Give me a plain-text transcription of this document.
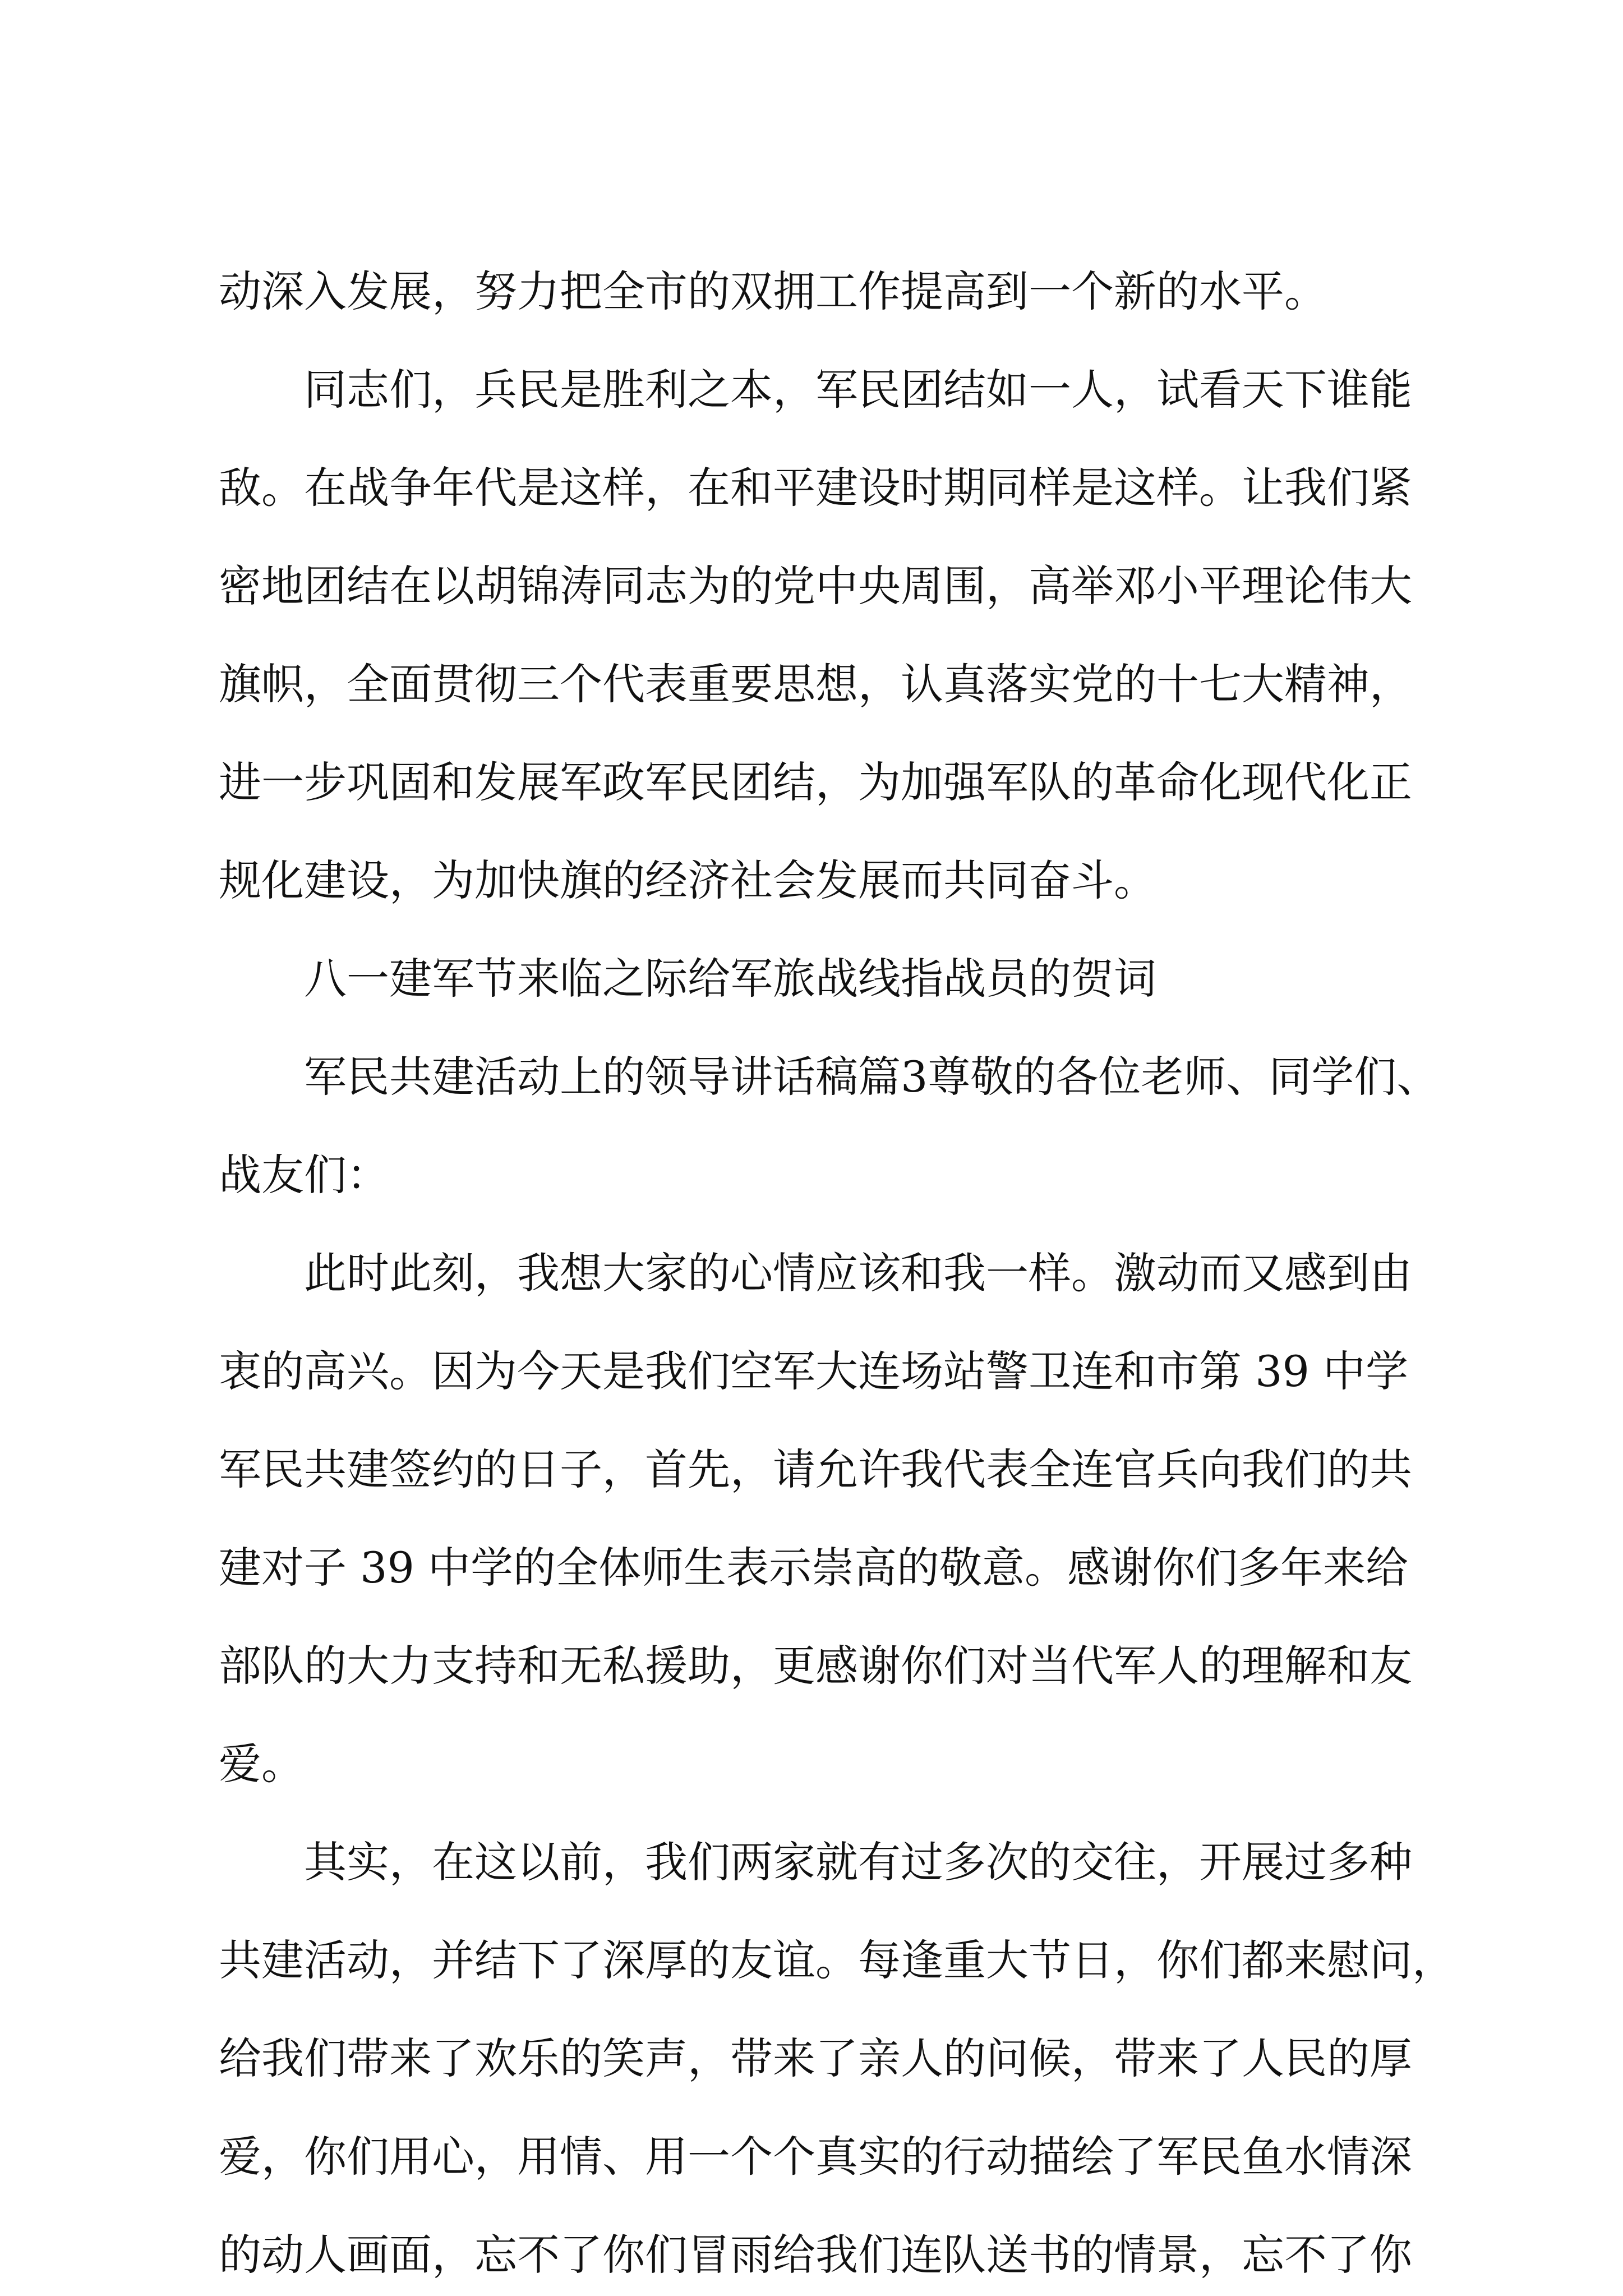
动深入发展，努力把全市的双拥工作提高到一个新的水平。
同志们，兵民是胜利之本，军民团结如一人，试看天下谁能
敌。在战争年代是这样，在和平建设时期同样是这样。让我们紧
密地团结在以胡锦涛同志为的党中央周围，高举邓小平理论伟大
旗帜，全面贯彻三个代表重要思想，认真落实党的十七大精神，
进一步巩固和发展军政军民团结，为加强军队的革命化现代化正
规化建设，为加快旗的经济社会发展而共同奋斗。
八一建军节来临之际给军旅战线指战员的贺词
军民共建活动上的领导讲话稿篇3尊敬的各位老师、同学们、
战友们：
此时此刻，我想大家的心情应该和我一样。激动而又感到由
衷的高兴。因为今天是我们空军大连场站警卫连和市第 39 中学
军民共建签约的日子，首先，请允许我代表全连官兵向我们的共
建对子 39 中学的全体师生表示崇高的敬意。感谢你们多年来给
部队的大力支持和无私援助，更感谢你们对当代军人的理解和友
爱。
其实，在这以前，我们两家就有过多次的交往，开展过多种
共建活动，并结下了深厚的友谊。每逢重大节日，你们都来慰问，
给我们带来了欢乐的笑声，带来了亲人的问候，带来了人民的厚
爱，你们用心，用情、用一个个真实的行动描绘了军民鱼水情深
的动人画面，忘不了你们冒雨给我们连队送书的情景，忘不了你
